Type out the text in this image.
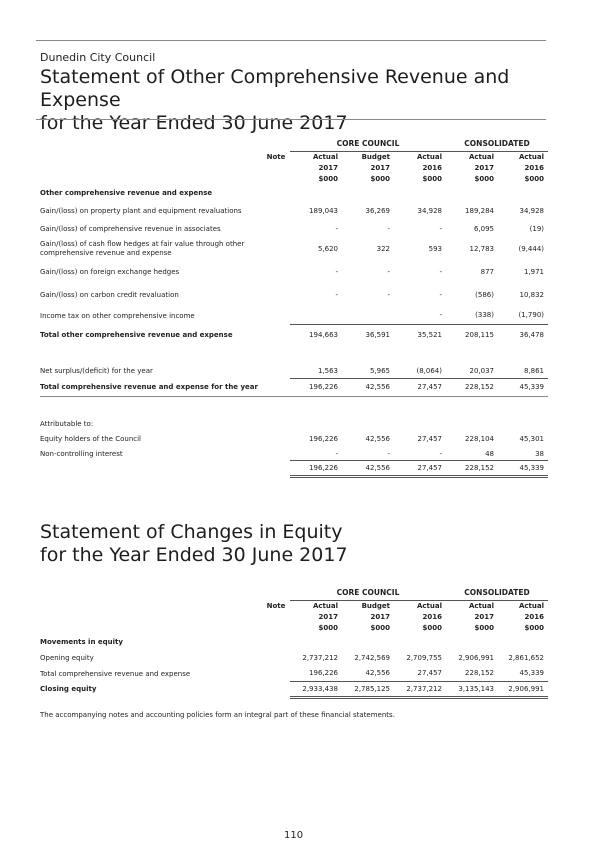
Dunedin City Council
Statement of Other Comprehensive Revenue and Expense
for the Year Ended 30 June 2017
		CORE COUNCIL			CONSOLIDATED	
	Note	Actual	Budget	Actual	Actual	Actual
		2017	2017	2016	2017	2016
		$000	$000	$000	$000	$000
Other comprehensive revenue and expense						
Gain/(loss) on property plant and equipment revaluations		189,043	36,269	34,928	189,284	34,928
Gain/(loss) of comprehensive revenue in associates		-	-	-	6,095	(19)
Gain/(loss) of cash flow hedges at fair value through other comprehensive revenue and expense		5,620	322	593	12,783	(9,444)
Gain/(loss) on foreign exchange hedges		-	-	-	877	1,971
Gain/(loss) on carbon credit revaluation		-	-	-	(586)	10,832
Income tax on other comprehensive income				-	(338)	(1,790)
Total other comprehensive revenue and expense		194,663	36,591	35,521	208,115	36,478

Net surplus/(deficit) for the year		1,563	5,965	(8,064)	20,037	8,861
Total comprehensive revenue and expense for the year		196,226	42,556	27,457	228,152	45,339

Attributable to:						
Equity holders of the Council		196,226	42,556	27,457	228,104	45,301
Non-controlling interest		-	-	-	48	38
		196,226	42,556	27,457	228,152	45,339
Statement of Changes in Equity
for the Year Ended 30 June 2017
		CORE COUNCIL			CONSOLIDATED	
	Note	Actual	Budget	Actual	Actual	Actual
		2017	2017	2016	2017	2016
		$000	$000	$000	$000	$000
Movements in equity						
Opening equity		2,737,212	2,742,569	2,709,755	2,906,991	2,861,652
Total comprehensive revenue and expense		196,226	42,556	27,457	228,152	45,339
Closing equity		2,933,438	2,785,125	2,737,212	3,135,143	2,906,991
The accompanying notes and accounting policies form an integral part of these financial statements.
110
